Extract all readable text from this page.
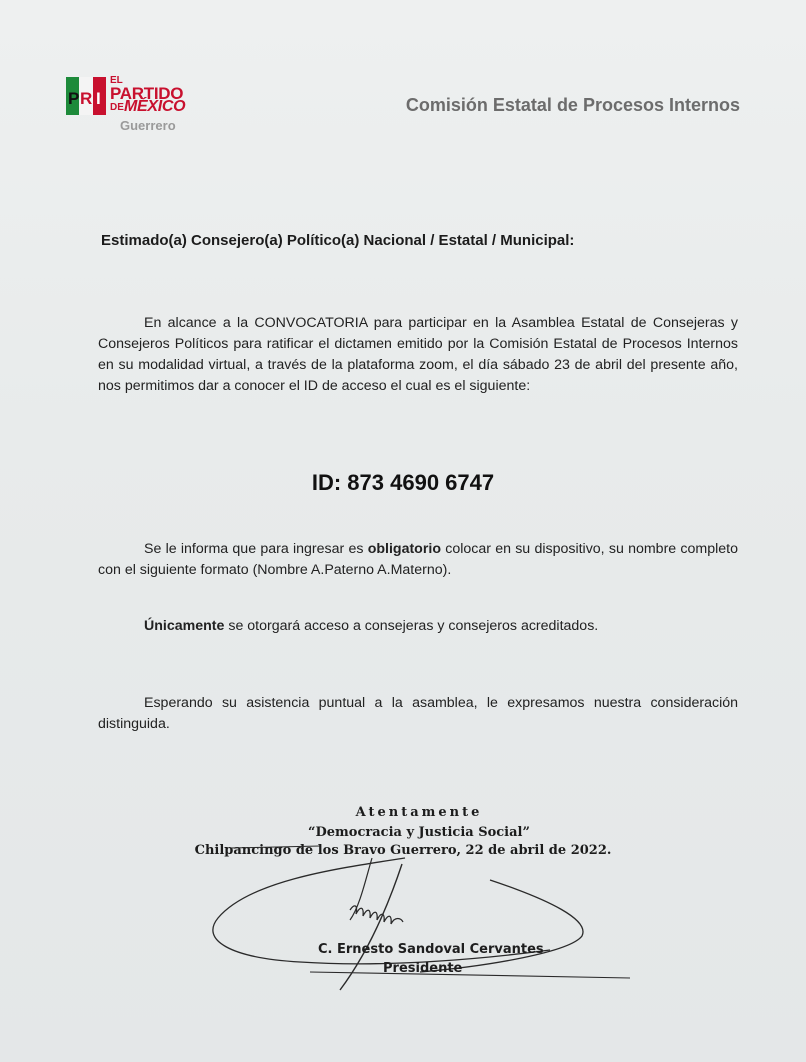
P R I
EL
PARTIDO
DE MÉXICO
Guerrero
Comisión Estatal de Procesos Internos
Estimado(a) Consejero(a) Político(a) Nacional / Estatal / Municipal:
En alcance a la CONVOCATORIA para participar en la Asamblea Estatal de Consejeras y Consejeros Políticos para ratificar el dictamen emitido por la Comisión Estatal de Procesos Internos en su modalidad virtual, a través de la plataforma zoom, el día sábado 23 de abril del presente año, nos permitimos dar a conocer el ID de acceso el cual es el siguiente:
ID: 873 4690 6747
Se le informa que para ingresar es obligatorio colocar en su dispositivo, su nombre completo con el siguiente formato (Nombre A.Paterno A.Materno).
Únicamente se otorgará acceso a consejeras y consejeros acreditados.
Esperando su asistencia puntual a la asamblea, le expresamos nuestra consideración distinguida.
Atentamente
“Democracia y Justicia Social”
Chilpancingo de los Bravo Guerrero, 22 de abril de 2022.
C. Ernesto Sandoval Cervantes
Presidente
